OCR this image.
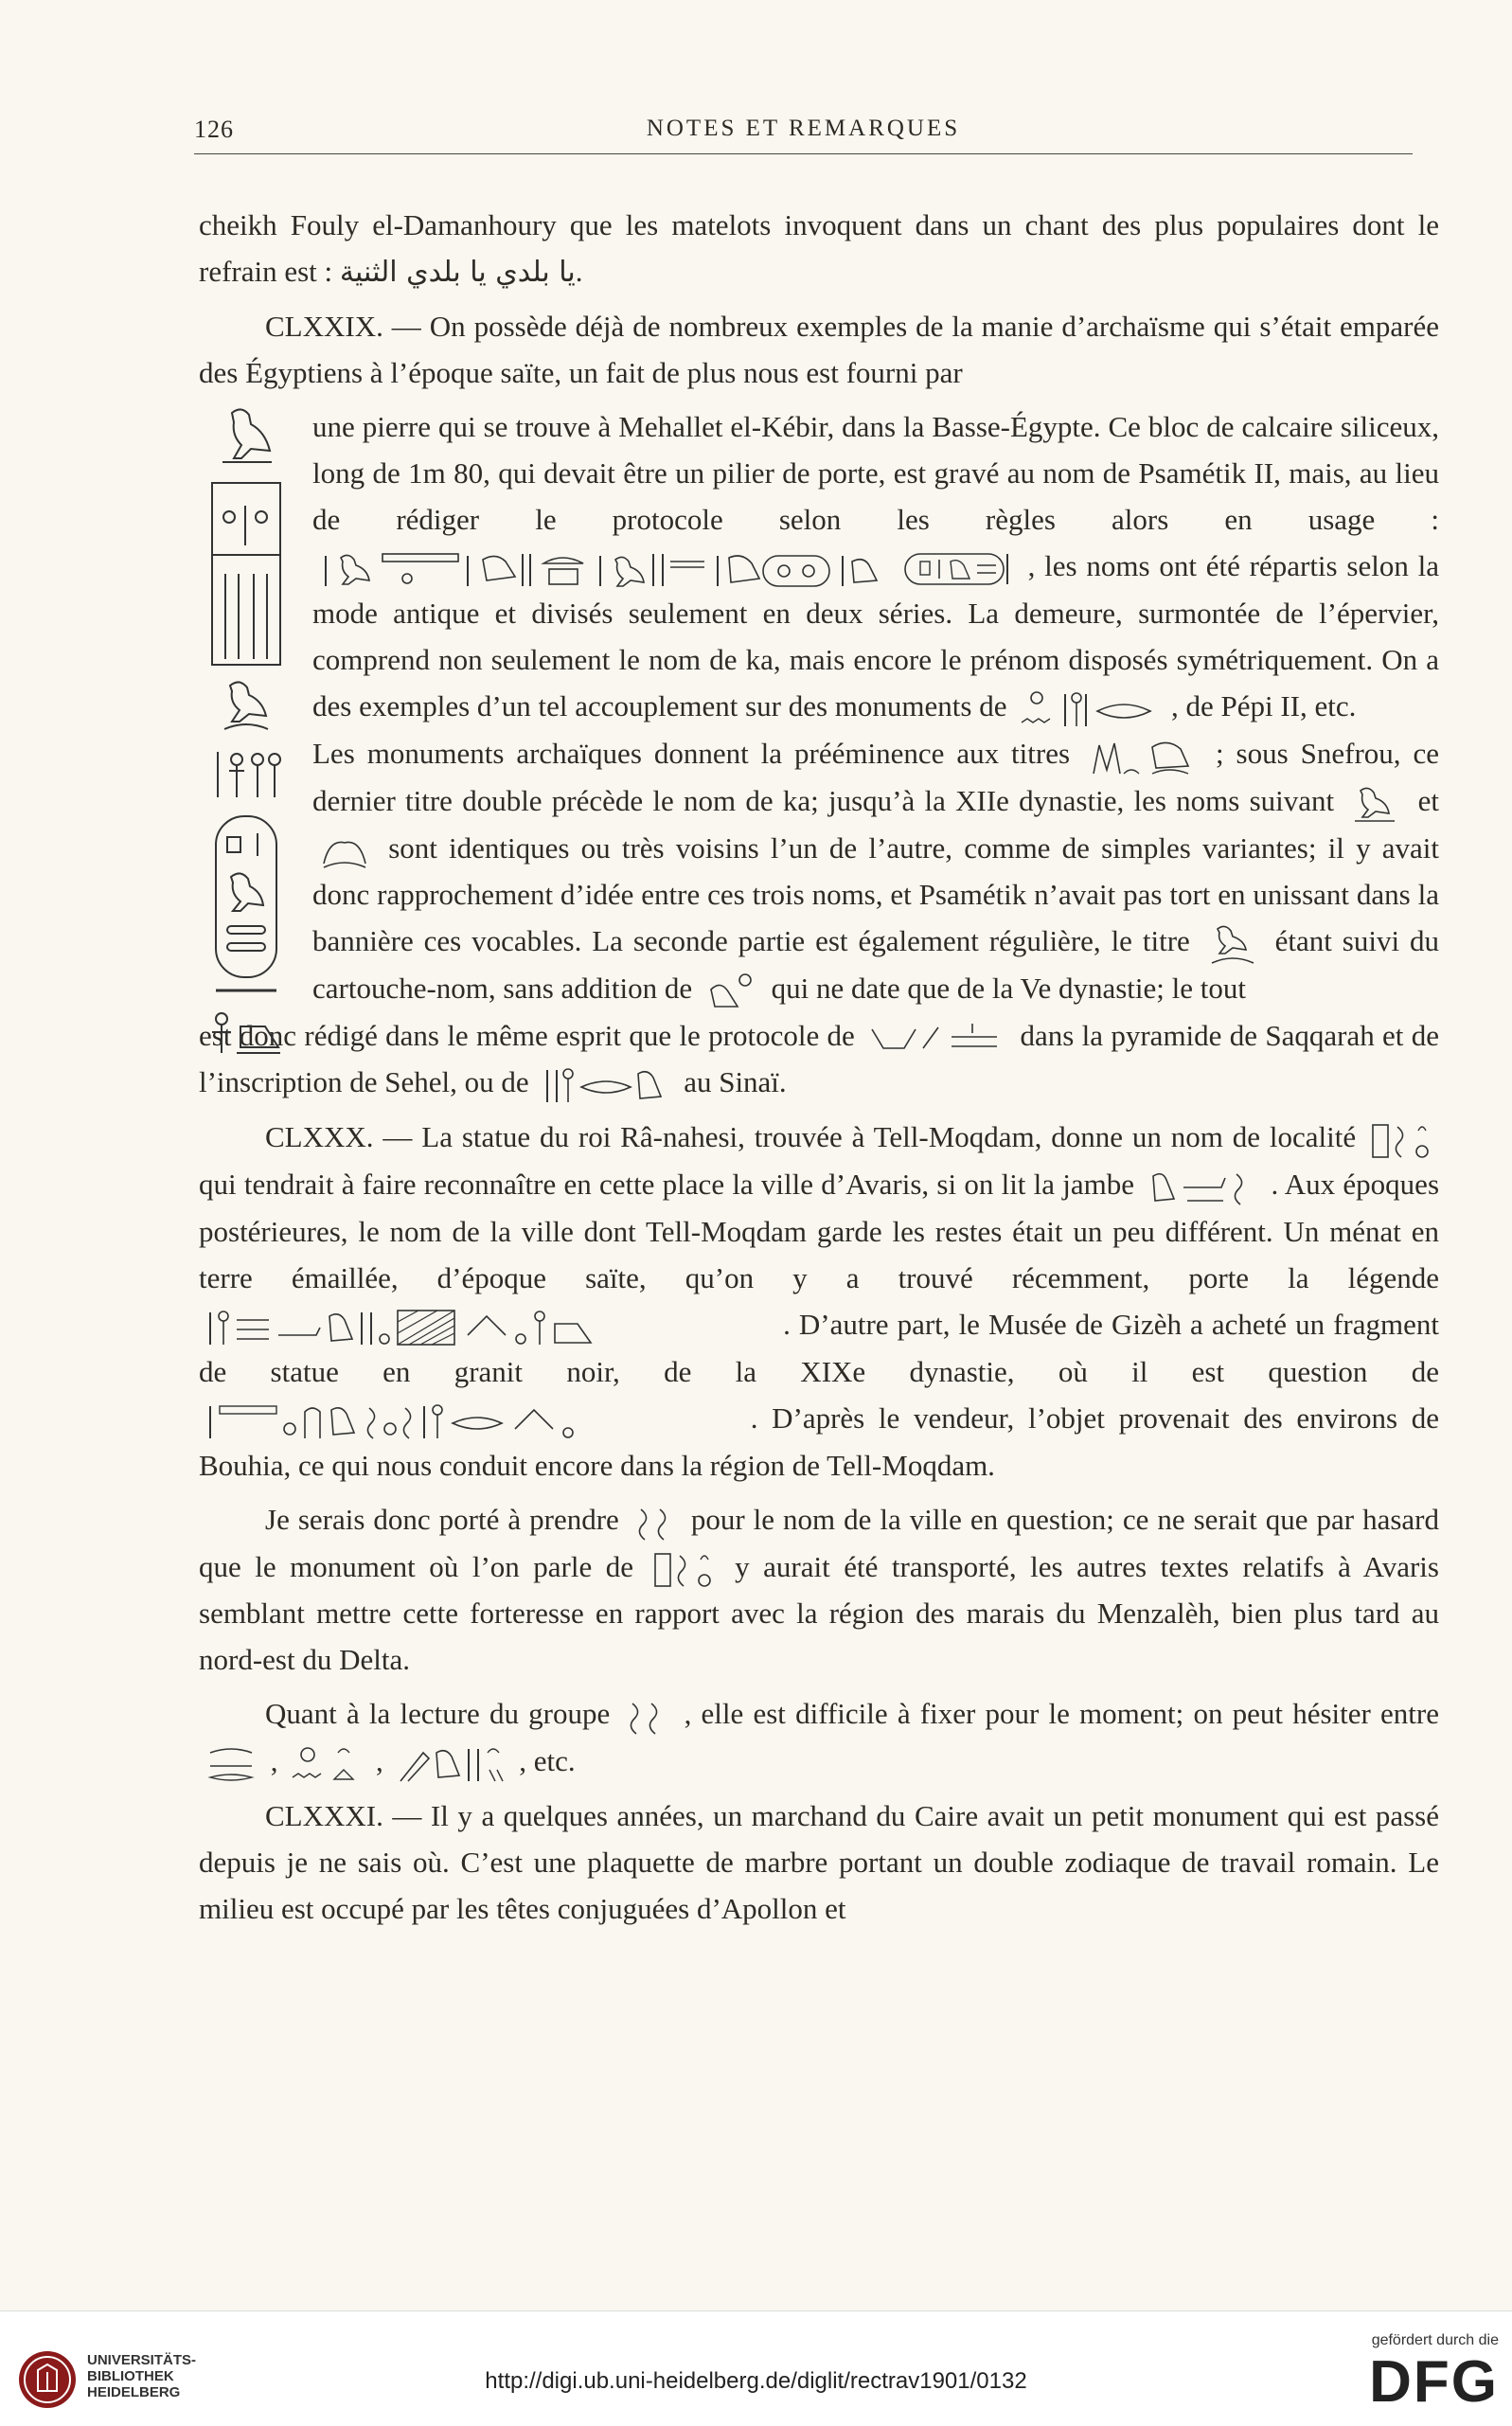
126	NOTES ET REMARQUES

cheikh Fouly el-Damanhoury que les matelots invoquent dans un chant des plus populaires dont le refrain est : يا بلدي يا بلدي الثنية.

CLXXIX. — On possède déjà de nombreux exemples de la manie d’archaïsme qui s’était emparée des Égyptiens à l’époque saïte, un fait de plus nous est fourni par

une pierre qui se trouve à Mehallet el-Kébir, dans la Basse-Égypte. Ce bloc de calcaire siliceux, long de 1m 80, qui devait être un pilier de porte, est gravé au nom de Psamétik II, mais, au lieu de rédiger le protocole selon les règles alors en usage :   , les noms ont été répartis selon la mode antique et divisés seulement en deux séries. La demeure, surmontée de l’épervier, comprend non seulement le nom de ka, mais encore le prénom disposés symétriquement. On a des exemples d’un tel accouplement sur des monuments de	, de Pépi II, etc.

Les monuments archaïques donnent la prééminence aux titres	; sous Snefrou, ce dernier titre double précède le nom de ka; jusqu’à la XIIe dynastie, les noms suivant	et  sont identiques ou très voisins l’un de l’autre, comme de simples variantes; il y avait donc rapprochement d’idée entre ces trois noms, et Psamétik n’avait pas tort en unissant dans la bannière ces vocables. La seconde partie est également régulière, le titre	étant suivi du cartouche-nom, sans addition de	qui ne date que de la Ve dynastie; le tout

est donc rédigé dans le même esprit que le protocole de	dans la pyramide de Saqqarah et de l’inscription de Sehel, ou de	au Sinaï.

CLXXX. — La statue du roi Râ-nahesi, trouvée à Tell-Moqdam, donne un nom de localité  qui tendrait à faire reconnaître en cette place la ville d’Avaris, si on lit la jambe	. Aux époques postérieures, le nom de la ville dont Tell-Moqdam garde les restes était un peu différent. Un ménat en terre émaillée, d’époque saïte, qu’on y a trouvé récemment, porte la légende  . D’autre part, le Musée de Gizèh a acheté un fragment de statue en granit noir, de la XIXe dynastie, où il est question de  . D’après le vendeur, l’objet provenait des environs de Bouhia, ce qui nous conduit encore dans la région de Tell-Moqdam.

Je serais donc porté à prendre pour le nom de la ville en question; ce ne serait que par hasard que le monument où l’on parle de	y aurait été transporté, les autres textes relatifs à Avaris semblant mettre cette forteresse en rapport avec la région des marais du Menzalèh, bien plus tard au nord-est du Delta.

Quant à la lecture du groupe	, elle est difficile à fixer pour le moment; on peut hésiter entre  ,	,	, etc.

CLXXXI. — Il y a quelques années, un marchand du Caire avait un petit monument qui est passé depuis je ne sais où. C’est une plaquette de marbre portant un double zodiaque de travail romain. Le milieu est occupé par les têtes conjuguées d’Apollon et

UNIVERSITÄTS-
BIBLIOTHEK
HEIDELBERG	http://digi.ub.uni-heidelberg.de/diglit/rectrav1901/0132
gefördert durch die
DFG
